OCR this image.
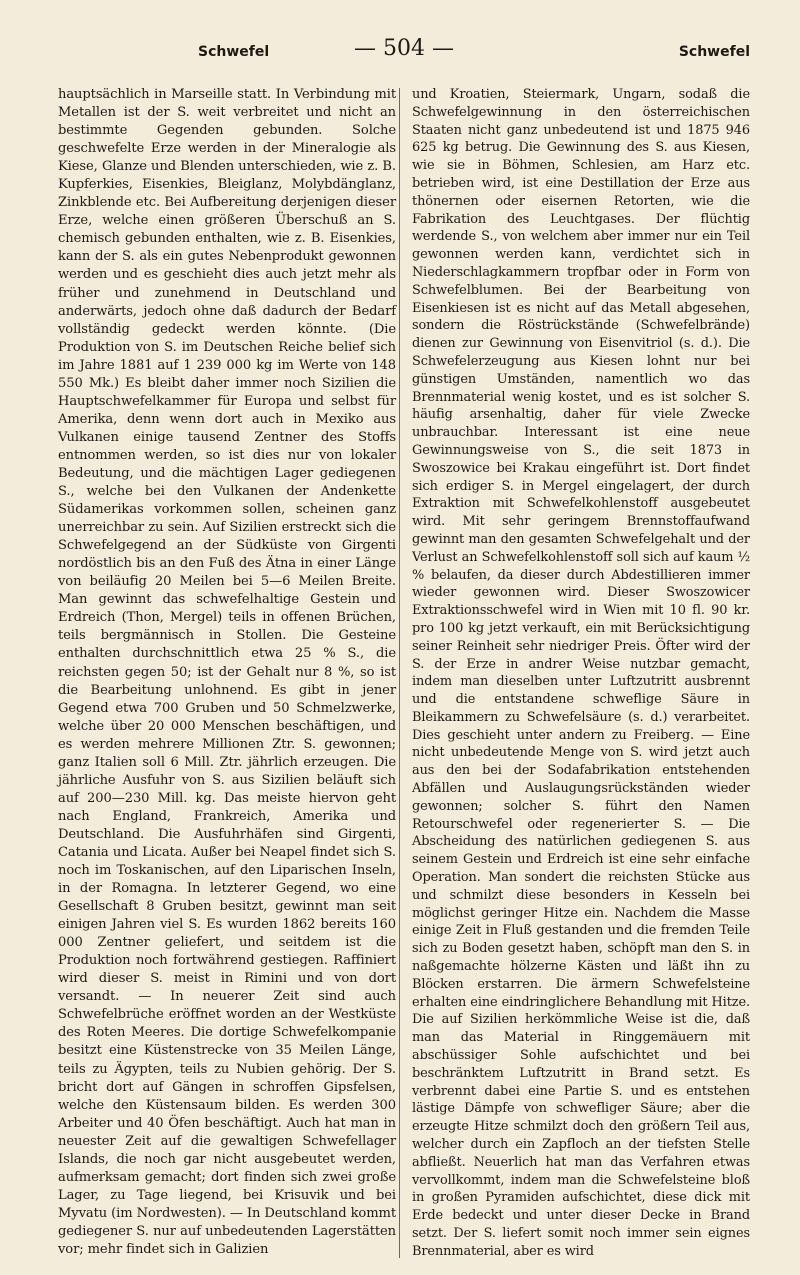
Schwefel	— 504 —	Schwefel

hauptsächlich in Marseille statt. In Verbindung mit Metallen ist der S. weit verbreitet und nicht an bestimmte Gegenden gebunden. Solche geschwefelte Erze werden in der Mineralogie als Kiese, Glanze und Blenden unterschieden, wie z. B. Kupferkies, Eisenkies, Bleiglanz, Molybdänglanz, Zinkblende etc. Bei Aufbereitung derjenigen dieser Erze, welche einen größeren Überschuß an S. chemisch gebunden enthalten, wie z. B. Eisenkies, kann der S. als ein gutes Nebenprodukt gewonnen werden und es geschieht dies auch jetzt mehr als früher und zunehmend in Deutschland und anderwärts, jedoch ohne daß dadurch der Bedarf vollständig gedeckt werden könnte. (Die Produktion von S. im Deutschen Reiche belief sich im Jahre 1881 auf 1 239 000 kg im Werte von 148 550 Mk.) Es bleibt daher immer noch Sizilien die Hauptschwefelkammer für Europa und selbst für Amerika, denn wenn dort auch in Mexiko aus Vulkanen einige tausend Zentner des Stoffs entnommen werden, so ist dies nur von lokaler Bedeutung, und die mächtigen Lager gediegenen S., welche bei den Vulkanen der Andenkette Südamerikas vorkommen sollen, scheinen ganz unerreichbar zu sein. Auf Sizilien erstreckt sich die Schwefelgegend an der Südküste von Girgenti nordöstlich bis an den Fuß des Ätna in einer Länge von beiläufig 20 Meilen bei 5—6 Meilen Breite. Man gewinnt das schwefelhaltige Gestein und Erdreich (Thon, Mergel) teils in offenen Brüchen, teils bergmännisch in Stollen. Die Gesteine enthalten durchschnittlich etwa 25 % S., die reichsten gegen 50; ist der Gehalt nur 8 %, so ist die Bearbeitung unlohnend. Es gibt in jener Gegend etwa 700 Gruben und 50 Schmelzwerke, welche über 20 000 Menschen beschäftigen, und es werden mehrere Millionen Ztr. S. gewonnen; ganz Italien soll 6 Mill. Ztr. jährlich erzeugen. Die jährliche Ausfuhr von S. aus Sizilien beläuft sich auf 200—230 Mill. kg. Das meiste hiervon geht nach England, Frankreich, Amerika und Deutschland. Die Ausfuhrhäfen sind Girgenti, Catania und Licata. Außer bei Neapel findet sich S. noch im Toskanischen, auf den Liparischen Inseln, in der Romagna. In letzterer Gegend, wo eine Gesellschaft 8 Gruben besitzt, gewinnt man seit einigen Jahren viel S. Es wurden 1862 bereits 160 000 Zentner geliefert, und seitdem ist die Produktion noch fortwährend gestiegen. Raffiniert wird dieser S. meist in Rimini und von dort versandt. — In neuerer Zeit sind auch Schwefelbrüche eröffnet worden an der Westküste des Roten Meeres. Die dortige Schwefelkompanie besitzt eine Küstenstrecke von 35 Meilen Länge, teils zu Ägypten, teils zu Nubien gehörig. Der S. bricht dort auf Gängen in schroffen Gipsfelsen, welche den Küstensaum bilden. Es werden 300 Arbeiter und 40 Öfen beschäftigt. Auch hat man in neuester Zeit auf die gewaltigen Schwefellager Islands, die noch gar nicht ausgebeutet werden, aufmerksam gemacht; dort finden sich zwei große Lager, zu Tage liegend, bei Krisuvik und bei Myvatu (im Nordwesten). — In Deutschland kommt gediegener S. nur auf unbedeutenden Lagerstätten vor; mehr findet sich in Galizien

und Kroatien, Steiermark, Ungarn, sodaß die Schwefelgewinnung in den österreichischen Staaten nicht ganz unbedeutend ist und 1875 946 625 kg betrug. Die Gewinnung des S. aus Kiesen, wie sie in Böhmen, Schlesien, am Harz etc. betrieben wird, ist eine Destillation der Erze aus thönernen oder eisernen Retorten, wie die Fabrikation des Leuchtgases. Der flüchtig werdende S., von welchem aber immer nur ein Teil gewonnen werden kann, verdichtet sich in Niederschlagkammern tropfbar oder in Form von Schwefelblumen. Bei der Bearbeitung von Eisenkiesen ist es nicht auf das Metall abgesehen, sondern die Röstrückstände (Schwefelbrände) dienen zur Gewinnung von Eisenvitriol (s. d.). Die Schwefelerzeugung aus Kiesen lohnt nur bei günstigen Umständen, namentlich wo das Brennmaterial wenig kostet, und es ist solcher S. häufig arsenhaltig, daher für viele Zwecke unbrauchbar. Interessant ist eine neue Gewinnungsweise von S., die seit 1873 in Swoszowice bei Krakau eingeführt ist. Dort findet sich erdiger S. in Mergel eingelagert, der durch Extraktion mit Schwefelkohlenstoff ausgebeutet wird. Mit sehr geringem Brennstoffaufwand gewinnt man den gesamten Schwefelgehalt und der Verlust an Schwefelkohlenstoff soll sich auf kaum ½ % belaufen, da dieser durch Abdestillieren immer wieder gewonnen wird. Dieser Swoszowicer Extraktionsschwefel wird in Wien mit 10 fl. 90 kr. pro 100 kg jetzt verkauft, ein mit Berücksichtigung seiner Reinheit sehr niedriger Preis. Öfter wird der S. der Erze in andrer Weise nutzbar gemacht, indem man dieselben unter Luftzutritt ausbrennt und die entstandene schweflige Säure in Bleikammern zu Schwefelsäure (s. d.) verarbeitet. Dies geschieht unter andern zu Freiberg. — Eine nicht unbedeutende Menge von S. wird jetzt auch aus den bei der Sodafabrikation entstehenden Abfällen und Auslaugungsrückständen wieder gewonnen; solcher S. führt den Namen Retourschwefel oder regenerierter S. — Die Abscheidung des natürlichen gediegenen S. aus seinem Gestein und Erdreich ist eine sehr einfache Operation. Man sondert die reichsten Stücke aus und schmilzt diese besonders in Kesseln bei möglichst geringer Hitze ein. Nachdem die Masse einige Zeit in Fluß gestanden und die fremden Teile sich zu Boden gesetzt haben, schöpft man den S. in naßgemachte hölzerne Kästen und läßt ihn zu Blöcken erstarren. Die ärmern Schwefelsteine erhalten eine eindringlichere Behandlung mit Hitze. Die auf Sizilien herkömmliche Weise ist die, daß man das Material in Ringgemäuern mit abschüssiger Sohle aufschichtet und bei beschränktem Luftzutritt in Brand setzt. Es verbrennt dabei eine Partie S. und es entstehen lästige Dämpfe von schwefliger Säure; aber die erzeugte Hitze schmilzt doch den größern Teil aus, welcher durch ein Zapfloch an der tiefsten Stelle abfließt. Neuerlich hat man das Verfahren etwas vervollkommt, indem man die Schwefelsteine bloß in großen Pyramiden aufschichtet, diese dick mit Erde bedeckt und unter dieser Decke in Brand setzt. Der S. liefert somit noch immer sein eignes Brennmaterial, aber es wird
